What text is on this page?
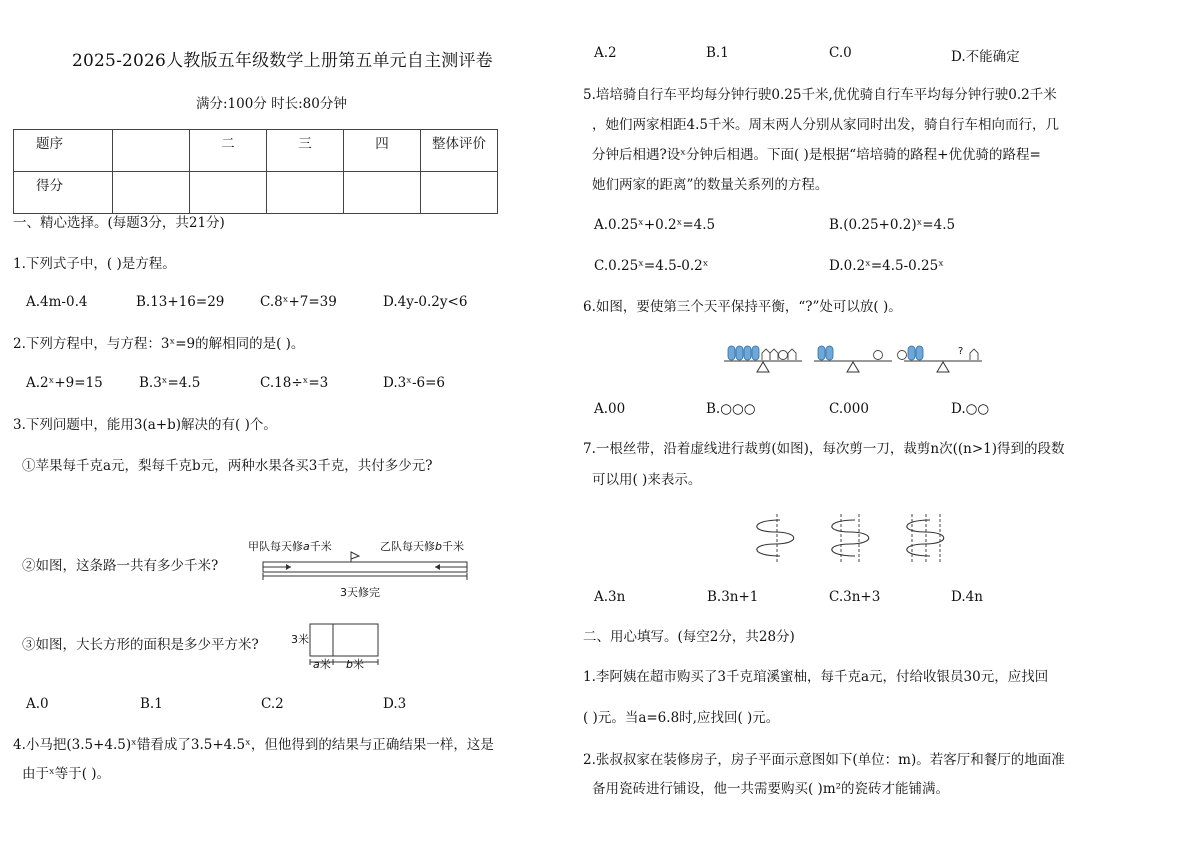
2025-2026人教版五年级数学上册第五单元自主测评卷
满分:100分 时长:80分钟
题序		二	三	四	整体评价
得分					
一、精心选择。(每题3分，共21分)
1.下列式子中，( )是方程。
A.4m-0.4	B.13+16=29	C.8ˣ+7=39	D.4y-0.2y<6
2.下列方程中，与方程：3ˣ=9的解相同的是( )。
A.2ˣ+9=15	B.3ˣ=4.5	C.18÷ˣ=3	D.3ˣ-6=6
3.下列问题中，能用3(a+b)解决的有( )个。
①苹果每千克a元，梨每千克b元，两种水果各买3千克，共付多少元?
②如图，这条路一共有多少千米?
甲队每天修a千米	乙队每天修b千米
3天修完
③如图，大长方形的面积是多少平方米?	3米
a米 b米
A.0	B.1	C.2	D.3
4.小马把(3.5+4.5)ˣ错看成了3.5+4.5ˣ，但他得到的结果与正确结果一样，这是
由于ˣ等于( )。
A.2	B.1	C.0	D.不能确定
5.培培骑自行车平均每分钟行驶0.25千米,优优骑自行车平均每分钟行驶0.2千米
，她们两家相距4.5千米。周末两人分别从家同时出发，骑自行车相向而行，几
分钟后相遇?设ˣ分钟后相遇。下面( )是根据“培培骑的路程+优优骑的路程=
她们两家的距离”的数量关系列的方程。
A.0.25ˣ+0.2ˣ=4.5	B.(0.25+0.2)ˣ=4.5
C.0.25ˣ=4.5-0.2ˣ	D.0.2ˣ=4.5-0.25ˣ
6.如图，要使第三个天平保持平衡，“?”处可以放( )。
?
A.00	B.○○○	C.000	D.○○
7.一根丝带，沿着虚线进行裁剪(如图)，每次剪一刀，裁剪n次((n>1)得到的段数
可以用( )来表示。
A.3n	B.3n+1	C.3n+3	D.4n
二、用心填写。(每空2分，共28分)
1.李阿姨在超市购买了3千克琯溪蜜柚，每千克a元，付给收银员30元，应找回
( )元。当a=6.8时,应找回( )元。
2.张叔叔家在装修房子，房子平面示意图如下(单位：m)。若客厅和餐厅的地面准
备用瓷砖进行铺设，他一共需要购买( )m²的瓷砖才能铺满。
